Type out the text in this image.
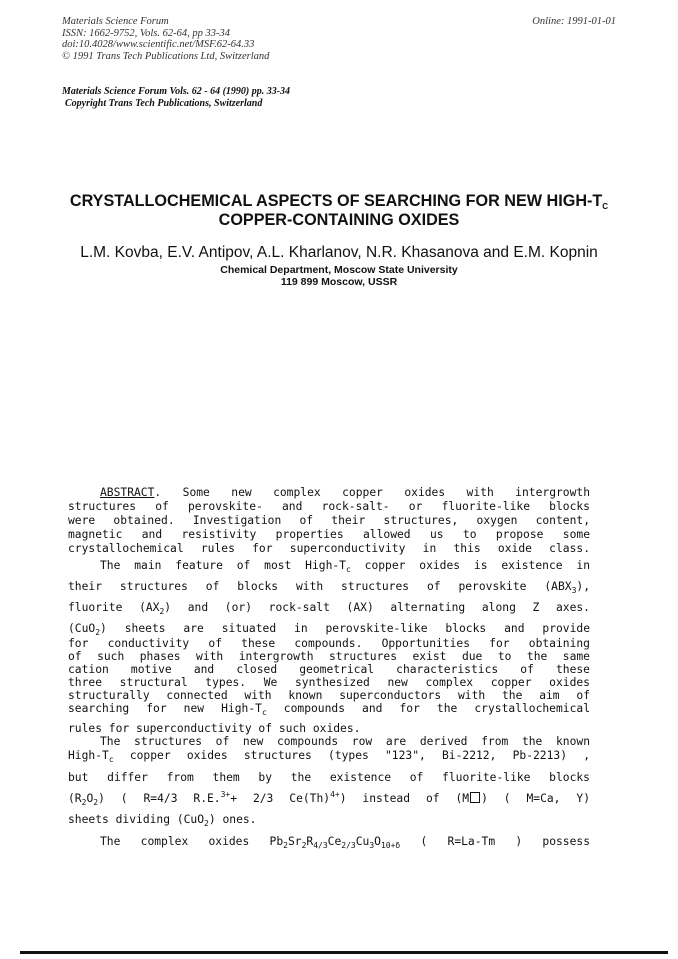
Materials Science Forum
ISSN: 1662-9752, Vols. 62-64, pp 33-34
doi:10.4028/www.scientific.net/MSF.62-64.33
© 1991 Trans Tech Publications Ltd, Switzerland
Online: 1991-01-01
Materials Science Forum Vols. 62 - 64 (1990) pp. 33-34
Copyright Trans Tech Publications, Switzerland
CRYSTALLOCHEMICAL ASPECTS OF SEARCHING FOR NEW HIGH-$T_C$
COPPER-CONTAINING OXIDES
L.M. Kovba, E.V. Antipov, A.L. Kharlanov, N.R. Khasanova and E.M. Kopnin
Chemical Department, Moscow State University
119 899 Moscow, USSR
ABSTRACT. Some new complex copper oxides with intergrowth
structures of perovskite- and rock-salt- or fluorite-like blocks
were obtained. Investigation of their structures, oxygen content,
magnetic and resistivity properties allowed us to propose some
crystallochemical rules for superconductivity in this oxide class.
The main feature of most High-$T_c$ copper oxides is existence in
their structures of blocks with structures of perovskite $(ABX_3)$,
fluorite $(AX_2)$ and (or) rock-salt (AX) alternating along Z axes.
(CuO$_2$) sheets are situated in perovskite-like blocks and provide
for conductivity of these compounds. Opportunities for obtaining
of such phases with intergrowth structures exist due to the same
cation motive and closed geometrical characteristics of these
three structural types. We synthesized new complex copper oxides
structurally connected with known superconductors with the aim of
searching for new High-$T_c$ compounds and for the crystallochemical
rules for superconductivity of such oxides.
The structures of new compounds row are derived from the known
High-$T_c$ copper oxides structures (types "123", Bi-2212, Pb-2213) ,
but differ from them by the existence of fluorite-like blocks
$(R_2O_2)$ ( R=4/3 R.E.$^{3+}$+ 2/3 $Ce(Th)^{4+}$) instead of (M ) ( M=Ca, Y)
sheets dividing (CuO$_2$) ones.
The complex oxides $Pb_2Sr_2R_{4/3}Ce_{2/3}Cu_3O_{10+\delta}$ ( R=La-Tm ) possess
